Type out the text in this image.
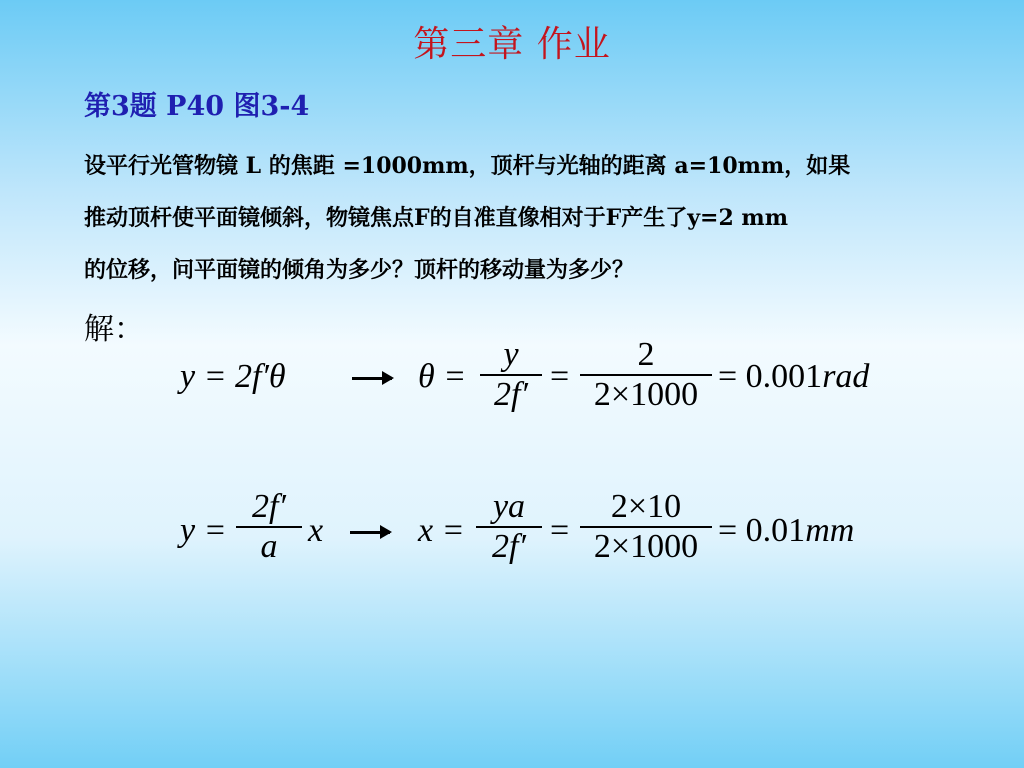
第三章 作业
第3题 P40 图3-4
设平行光管物镜 L 的焦距 =1000mm，顶杆与光轴的距离 a=10mm，如果
推动顶杆使平面镜倾斜，物镜焦点F的自准直像相对于F产生了y=2 mm
的位移，问平面镜的倾角为多少？顶杆的移动量为多少？
解：
y = 2f′θ	θ =
y
2f′ =
2
2×1000 = 0.001rad
y =
2f′
a x	x =
ya
2f′ =
2×10
2×1000 = 0.01mm
